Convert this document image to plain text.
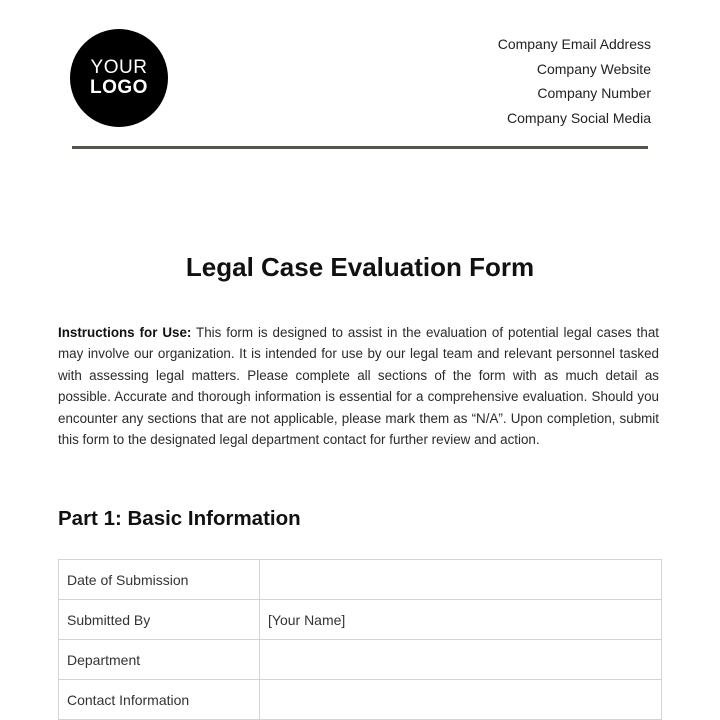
YOUR
LOGO
Company Email Address
Company Website
Company Number
Company Social Media
Legal Case Evaluation Form

Instructions for Use: This form is designed to assist in the evaluation of potential legal cases that may involve our organization. It is intended for use by our legal team and relevant personnel tasked with assessing legal matters. Please complete all sections of the form with as much detail as possible. Accurate and thorough information is essential for a comprehensive evaluation. Should you encounter any sections that are not applicable, please mark them as “N/A”. Upon completion, submit this form to the designated legal department contact for further review and action.

Part 1: Basic Information
Date of Submission	
Submitted By	[Your Name]
Department	
Contact Information	
